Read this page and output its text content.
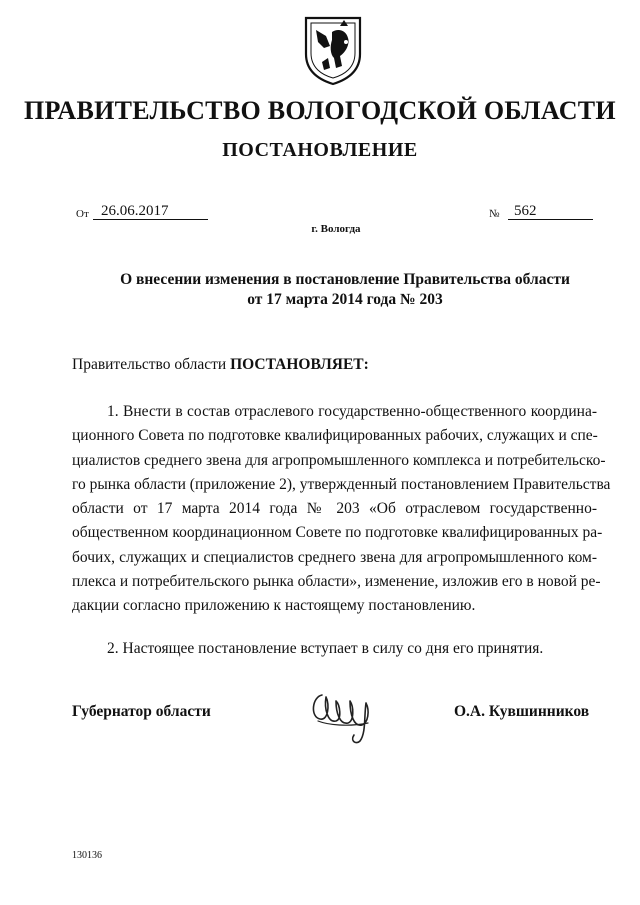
ПРАВИТЕЛЬСТВО ВОЛОГОДСКОЙ ОБЛАСТИ
ПОСТАНОВЛЕНИЕ
От 26.06.2017	№ 562
г. Вологда
О внесении изменения в постановление Правительства области
от 17 марта 2014 года № 203
Правительство области ПОСТАНОВЛЯЕТ:
1. Внести в состав отраслевого государственно-общественного координа-
ционного Совета по подготовке квалифицированных рабочих, служащих и спе-
циалистов среднего звена для агропромышленного комплекса и потребительско-
го рынка области (приложение 2), утвержденный постановлением Правительства
области от 17 марта 2014 года № 203 «Об отраслевом государственно-
общественном координационном Совете по подготовке квалифицированных ра-
бочих, служащих и специалистов среднего звена для агропромышленного ком-
плекса и потребительского рынка области», изменение, изложив его в новой ре-
дакции согласно приложению к настоящему постановлению.
2. Настоящее постановление вступает в силу со дня его принятия.
Губернатор области	О.А. Кувшинников
130136
